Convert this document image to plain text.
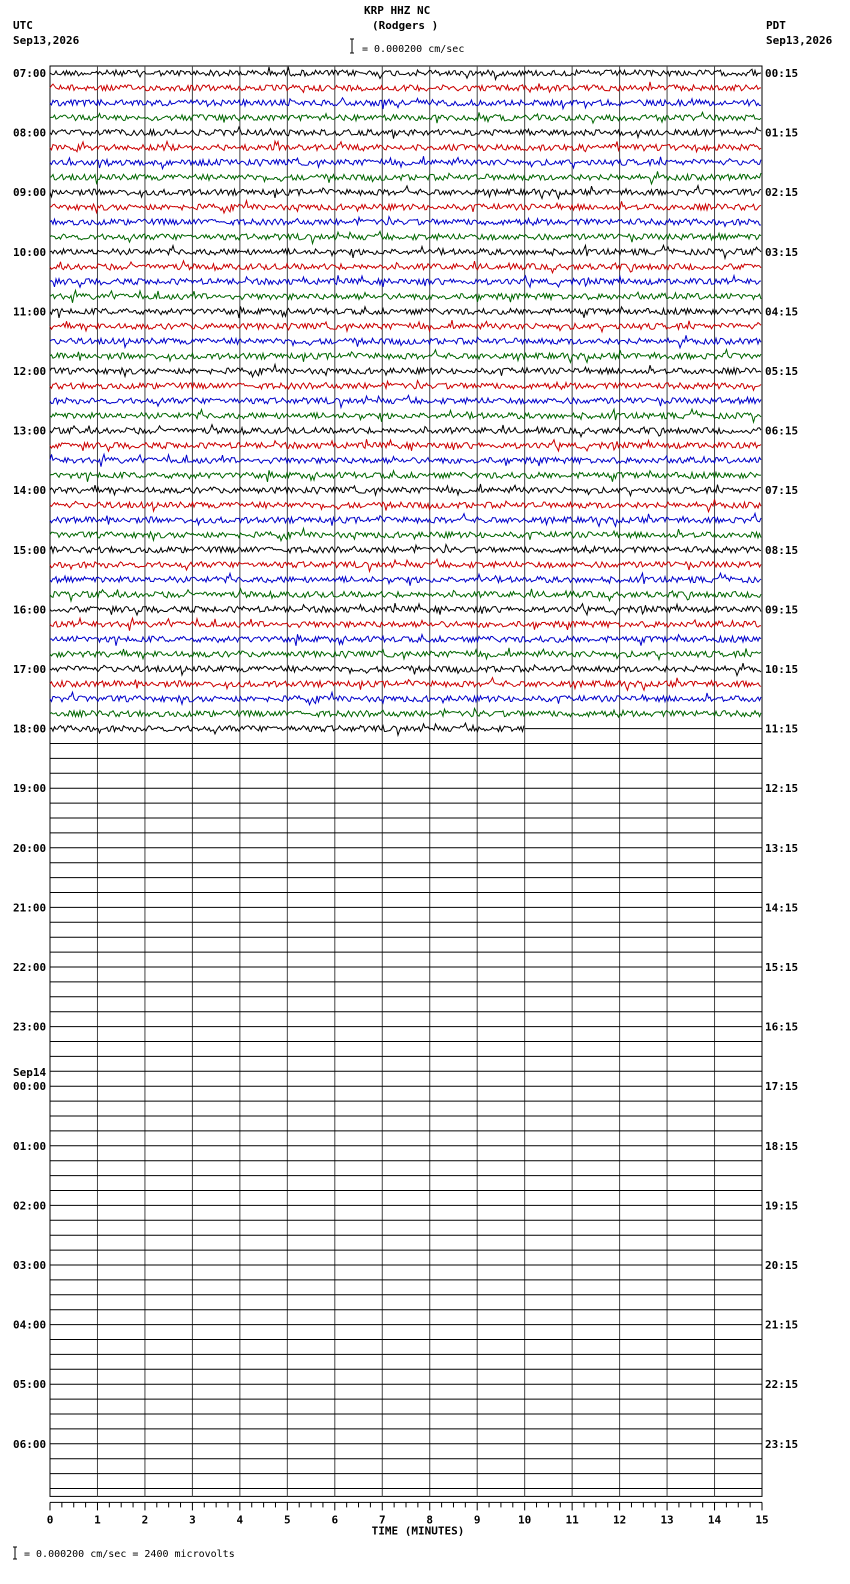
KRP HHZ NC
(Rodgers )
UTC
Sep13,2026
PDT
Sep13,2026
= 0.000200 cm/sec
= 0.000200 cm/sec = 2400 microvolts
07:00
08:00
09:00
10:00
11:00
12:00
13:00
14:00
15:00
16:00
17:00
18:00
19:00
20:00
21:00
22:00
23:00
00:00
01:00
02:00
03:00
04:00
05:00
06:00
Sep14
00:15
01:15
02:15
03:15
04:15
05:15
06:15
07:15
08:15
09:15
10:15
11:15
12:15
13:15
14:15
15:15
16:15
17:15
18:15
19:15
20:15
21:15
22:15
23:15
0	1	2	3	4	5	6	7	8	9	10	11	12	13	14	15
TIME (MINUTES)
